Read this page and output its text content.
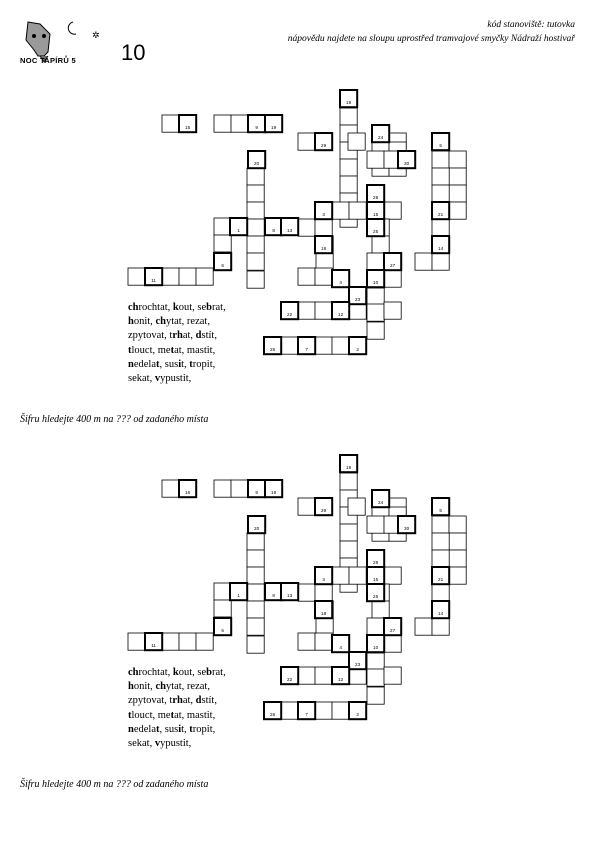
✲
NOC TAPÍRŮ 5 10
kód stanoviště: tutovka
nápovědu najdete na sloupu uprostřed tramvajové smyčky Nádraží hostivař
16	9	19
29
24
5
20	30
28
3	15	21
1	8	13	25
18	14
6	27
11	4	10
23
22	12
26	7	2
19
chrochtat, kout, sebrat,
honit, chytat, rezat,
zpytovat, trhat, dstít,
tlouct, metat, mastit,
nedelat, susit, tropit,
sekat, vypustit,
Šifru hledejte 400 m na ??? od zadaného místa
16	9	19
29
24
5
20	30
28
3	15	21
1	8	13	25
18	14
6	27
11	4	10
23
22	12
26	7	2
19
chrochtat, kout, sebrat,
honit, chytat, rezat,
zpytovat, trhat, dstít,
tlouct, metat, mastit,
nedelat, susit, tropit,
sekat, vypustit,
Šifru hledejte 400 m na ??? od zadaného místa
